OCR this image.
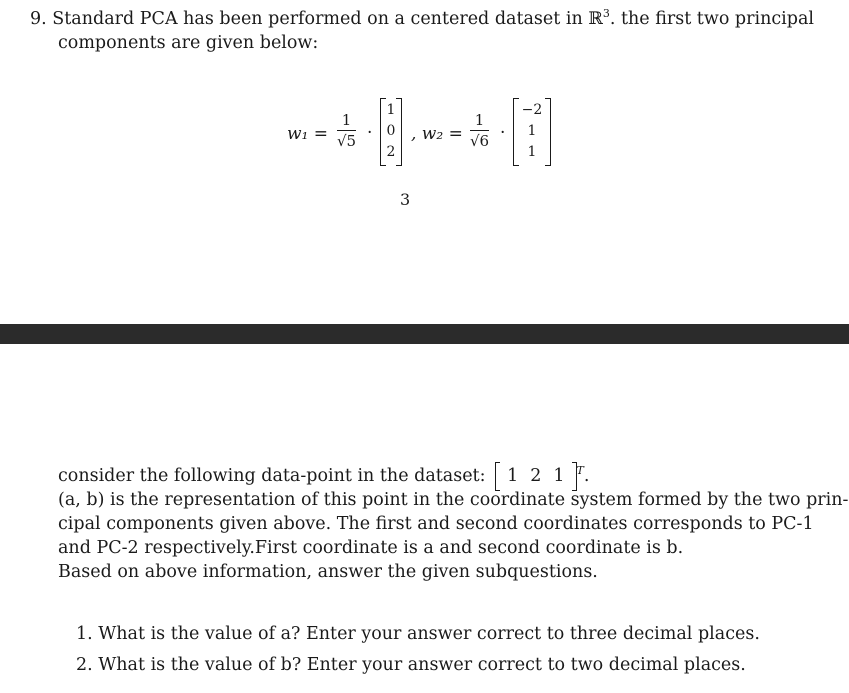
9. Standard PCA has been performed on a centered dataset in ℝ$^3$. the first two principal
components are given below:
$w_1 = \frac{1}{√5}$ ·
1
0
2
, $w_2 = \frac{1}{√6}$ ·
−2
1
1
3
consider the following data-point in the dataset: 1 2 1 $^T$.
(a, b) is the representation of this point in the coordinate system formed by the two prin-
cipal components given above. The first and second coordinates corresponds to PC-1
and PC-2 respectively.First coordinate is a and second coordinate is b.
Based on above information, answer the given subquestions.
1. What is the value of a? Enter your answer correct to three decimal places.
2. What is the value of b? Enter your answer correct to two decimal places.
